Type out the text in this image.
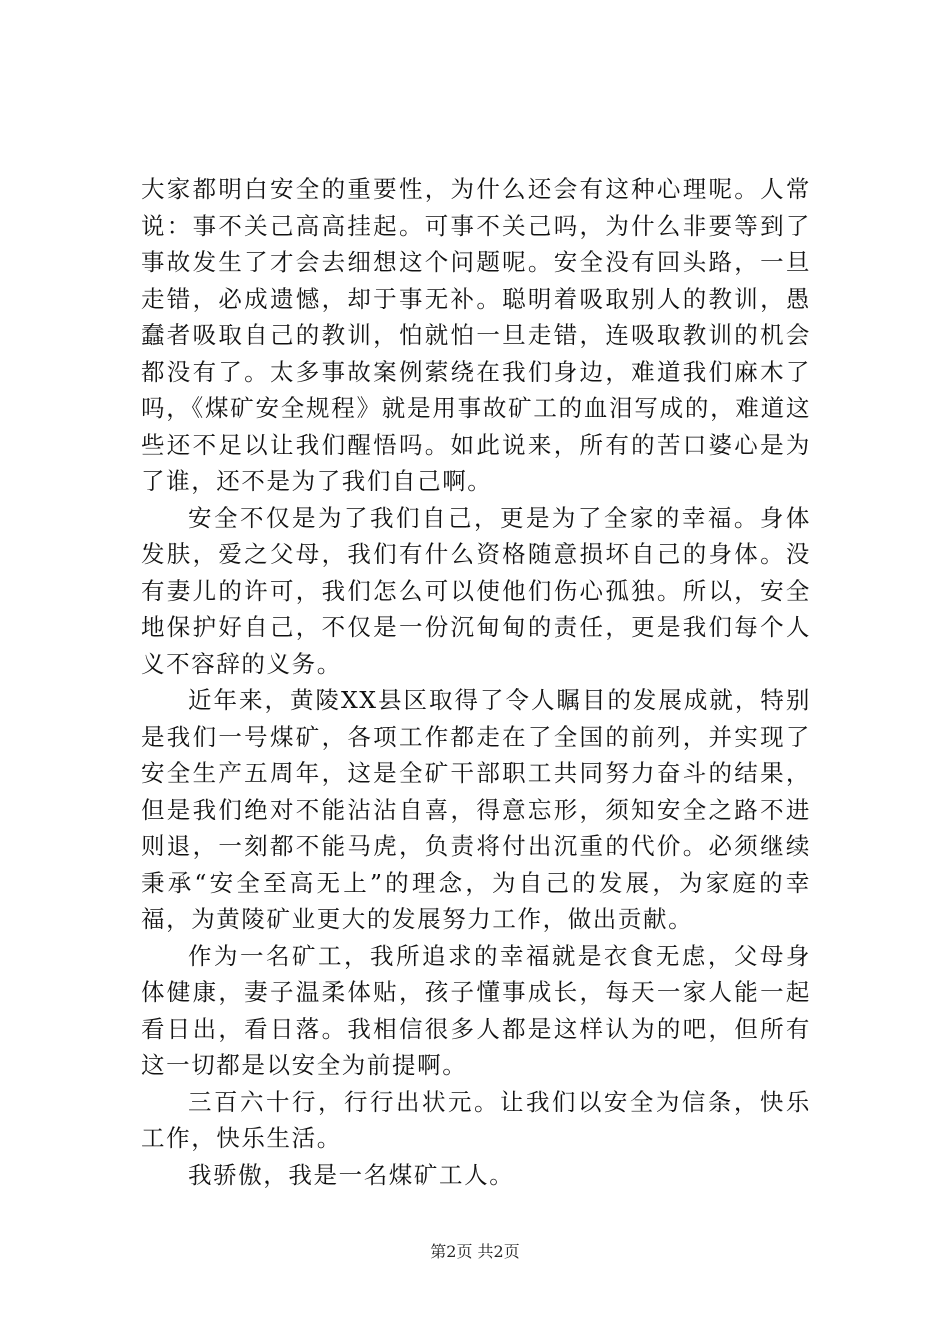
大家都明白安全的重要性，为什么还会有这种心理呢。人常说：事不关己高高挂起。可事不关己吗，为什么非要等到了事故发生了才会去细想这个问题呢。安全没有回头路，一旦走错，必成遗憾，却于事无补。聪明着吸取别人的教训，愚蠢者吸取自己的教训，怕就怕一旦走错，连吸取教训的机会都没有了。太多事故案例萦绕在我们身边，难道我们麻木了吗，《煤矿安全规程》就是用事故矿工的血泪写成的，难道这些还不足以让我们醒悟吗。如此说来，所有的苦口婆心是为了谁，还不是为了我们自己啊。

安全不仅是为了我们自己，更是为了全家的幸福。身体发肤，爱之父母，我们有什么资格随意损坏自己的身体。没有妻儿的许可，我们怎么可以使他们伤心孤独。所以，安全地保护好自己，不仅是一份沉甸甸的责任，更是我们每个人义不容辞的义务。

近年来，黄陵XX县区取得了令人瞩目的发展成就，特别是我们一号煤矿，各项工作都走在了全国的前列，并实现了安全生产五周年，这是全矿干部职工共同努力奋斗的结果，但是我们绝对不能沾沾自喜，得意忘形，须知安全之路不进则退，一刻都不能马虎，负责将付出沉重的代价。必须继续秉承“安全至高无上”的理念，为自己的发展，为家庭的幸福，为黄陵矿业更大的发展努力工作，做出贡献。

作为一名矿工，我所追求的幸福就是衣食无虑，父母身体健康，妻子温柔体贴，孩子懂事成长，每天一家人能一起看日出，看日落。我相信很多人都是这样认为的吧，但所有这一切都是以安全为前提啊。

三百六十行，行行出状元。让我们以安全为信条，快乐工作，快乐生活。

我骄傲，我是一名煤矿工人。

第2页 共2页
